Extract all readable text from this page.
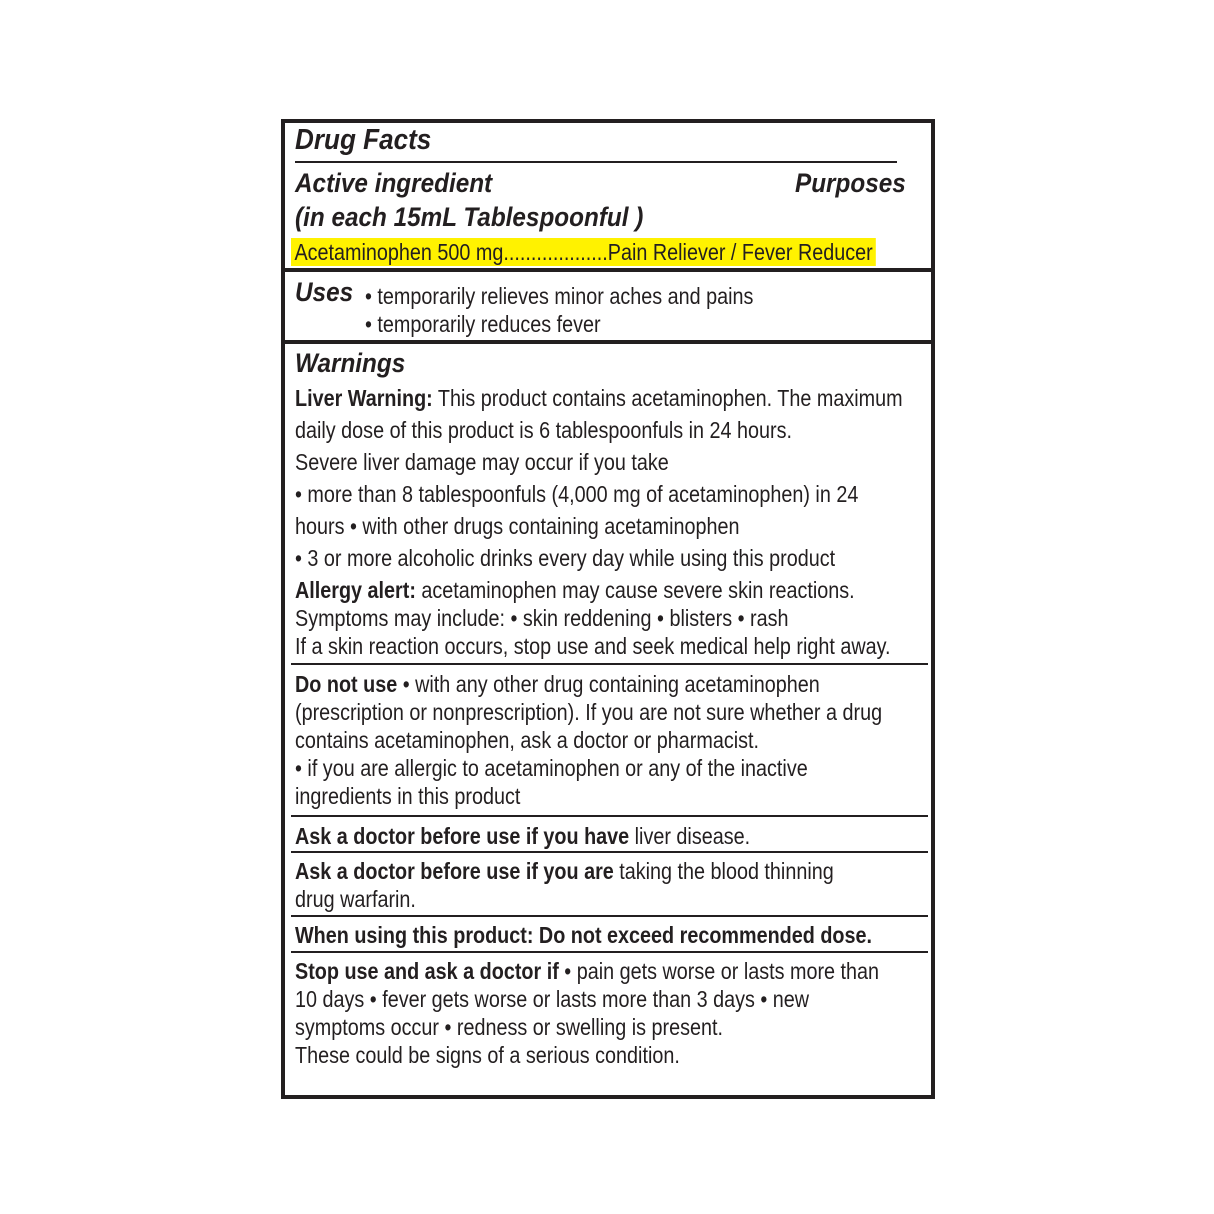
Drug Facts
Active ingredient	Purposes
(in each 15mL Tablespoonful )
Acetaminophen 500 mg...................Pain Reliever / Fever Reducer
Uses • temporarily relieves minor aches and pains
• temporarily reduces fever
Warnings
Liver Warning: This product contains acetaminophen. The maximum
daily dose of this product is 6 tablespoonfuls in 24 hours.
Severe liver damage may occur if you take
• more than 8 tablespoonfuls (4,000 mg of acetaminophen) in 24
hours • with other drugs containing acetaminophen
• 3 or more alcoholic drinks every day while using this product
Allergy alert: acetaminophen may cause severe skin reactions.
Symptoms may include: • skin reddening • blisters • rash
If a skin reaction occurs, stop use and seek medical help right away.
Do not use • with any other drug containing acetaminophen
(prescription or nonprescription). If you are not sure whether a drug
contains acetaminophen, ask a doctor or pharmacist.
• if you are allergic to acetaminophen or any of the inactive
ingredients in this product
Ask a doctor before use if you have liver disease.
Ask a doctor before use if you are taking the blood thinning
drug warfarin.
When using this product: Do not exceed recommended dose.
Stop use and ask a doctor if • pain gets worse or lasts more than
10 days • fever gets worse or lasts more than 3 days • new
symptoms occur • redness or swelling is present.
These could be signs of a serious condition.
